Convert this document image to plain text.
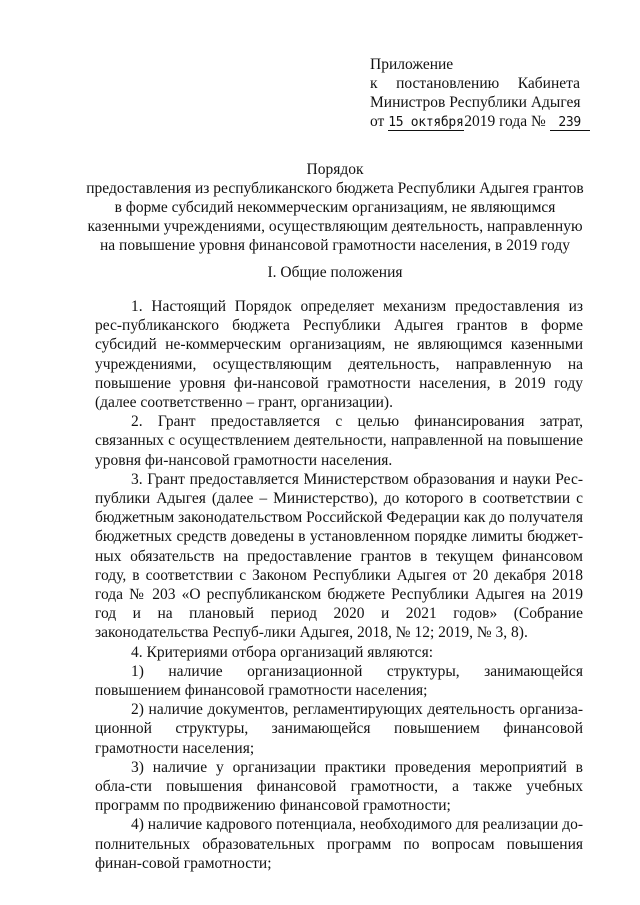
Приложение
к постановлению Кабинета
Министров Республики Адыгея
от 15 октября2019 года № 239
Порядок
предоставления из республиканского бюджета Республики Адыгея грантов
в форме субсидий некоммерческим организациям, не являющимся
казенными учреждениями, осуществляющим деятельность, направленную
на повышение уровня финансовой грамотности населения, в 2019 году
I. Общие положения

1. Настоящий Порядок определяет механизм предоставления из рес-публиканского бюджета Республики Адыгея грантов в форме субсидий не-коммерческим организациям, не являющимся казенными учреждениями, осуществляющим деятельность, направленную на повышение уровня фи-нансовой грамотности населения, в 2019 году (далее соответственно – грант, организации).

2. Грант предоставляется с целью финансирования затрат, связанных с осуществлением деятельности, направленной на повышение уровня фи-нансовой грамотности населения.

3. Грант предоставляется Министерством образования и науки Рес-публики Адыгея (далее – Министерство), до которого в соответствии с бюджетным законодательством Российской Федерации как до получателя бюджетных средств доведены в установленном порядке лимиты бюджет-ных обязательств на предоставление грантов в текущем финансовом году, в соответствии с Законом Республики Адыгея от 20 декабря 2018 года № 203 «О республиканском бюджете Республики Адыгея на 2019 год и на плановый период 2020 и 2021 годов» (Собрание законодательства Респуб-лики Адыгея, 2018, № 12; 2019, № 3, 8).

4. Критериями отбора организаций являются:

1) наличие организационной структуры, занимающейся повышением финансовой грамотности населения;

2) наличие документов, регламентирующих деятельность организа-ционной структуры, занимающейся повышением финансовой грамотности населения;

3) наличие у организации практики проведения мероприятий в обла-сти повышения финансовой грамотности, а также учебных программ по продвижению финансовой грамотности;

4) наличие кадрового потенциала, необходимого для реализации до-полнительных образовательных программ по вопросам повышения финан-совой грамотности;
